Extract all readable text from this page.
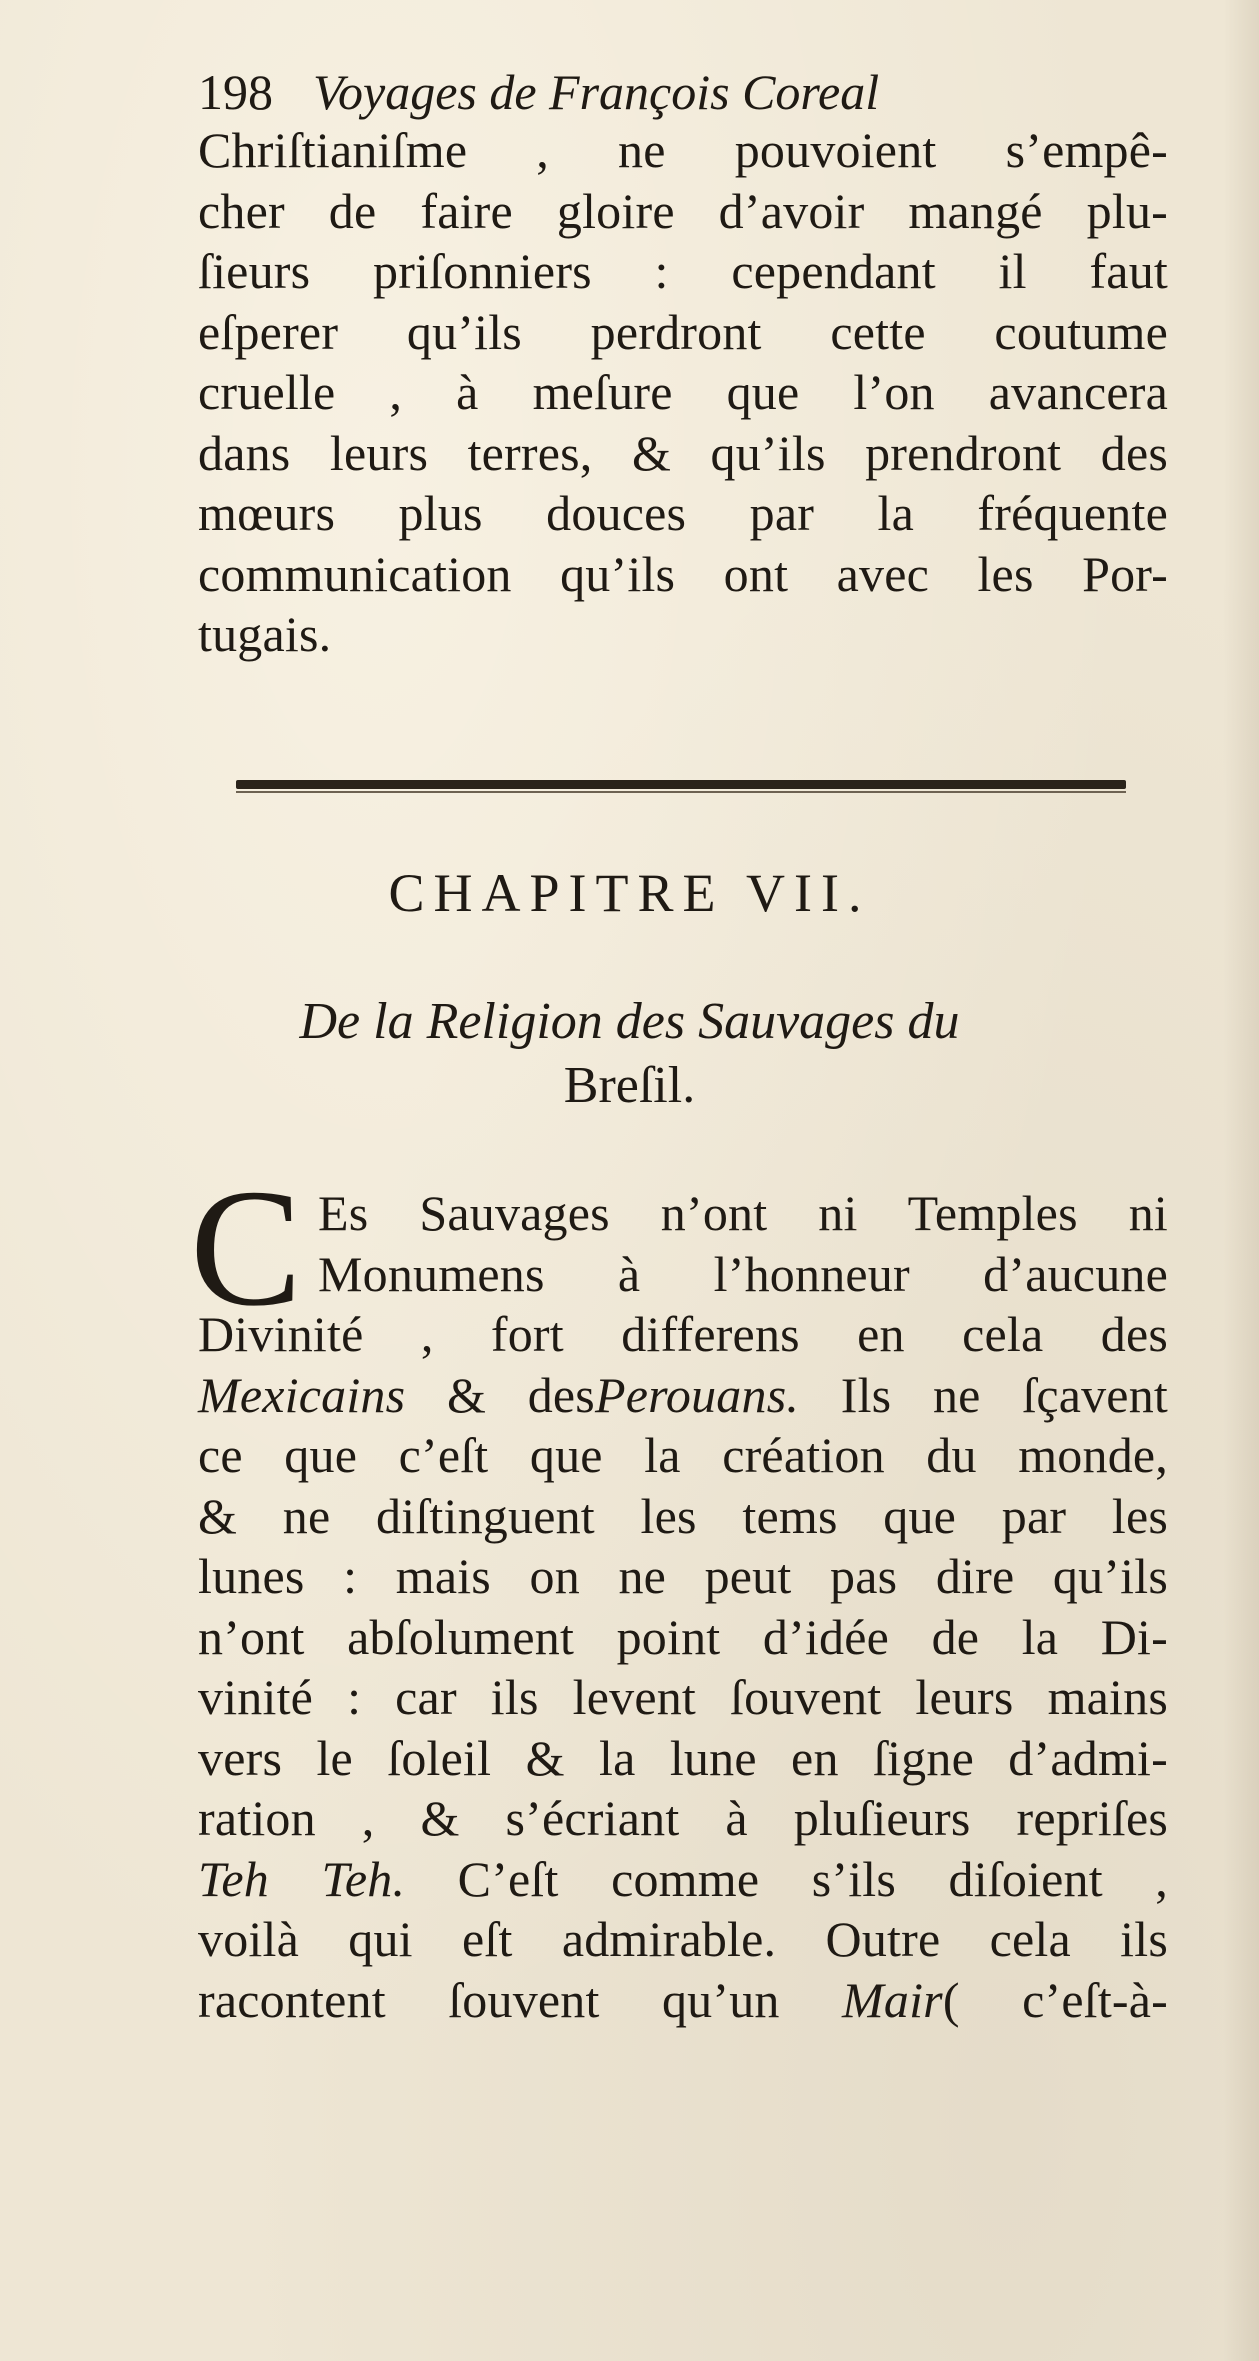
198 Voyages de François Coreal
Chriſtianiſme , ne pouvoient s’empê-
cher de faire gloire d’avoir mangé plu-
ſieurs priſonniers : cependant il faut
eſperer qu’ils perdront cette coutume
cruelle , à meſure que l’on avancera
dans leurs terres, & qu’ils prendront des
mœurs plus douces par la fréquente
communication qu’ils ont avec les Por-
tugais.
CHAPITRE VII.
De la Religion des Sauvages du
Breſil.
C Es Sauvages n’ont ni Temples ni
Monumens à l’honneur d’aucune
Divinité , fort differens en cela des
Mexicains & desPerouans. Ils ne ſçavent
ce que c’eſt que la création du monde,
& ne diſtinguent les tems que par les
lunes : mais on ne peut pas dire qu’ils
n’ont abſolument point d’idée de la Di-
vinité : car ils levent ſouvent leurs mains
vers le ſoleil & la lune en ſigne d’admi-
ration , & s’écriant à pluſieurs repriſes
Teh Teh. C’eſt comme s’ils diſoient ,
voilà qui eſt admirable. Outre cela ils
racontent ſouvent qu’un Mair( c’eſt-à-
